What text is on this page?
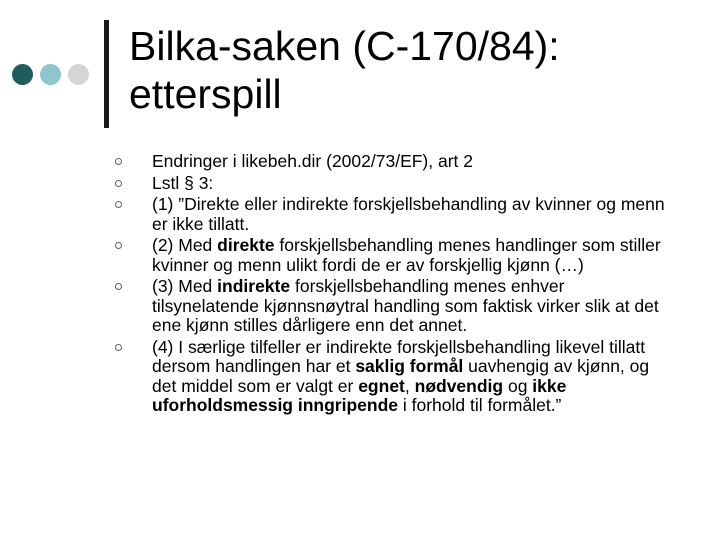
Bilka-saken (C-170/84): etterspill
Endringer i likebeh.dir (2002/73/EF), art 2
Lstl § 3:
(1) ”Direkte eller indirekte forskjellsbehandling av kvinner og menn er ikke tillatt.
(2) Med direkte forskjellsbehandling menes handlinger som stiller kvinner og menn ulikt fordi de er av forskjellig kjønn (…)
(3) Med indirekte forskjellsbehandling menes enhver tilsynelatende kjønnsnøytral handling som faktisk virker slik at det ene kjønn stilles dårligere enn det annet.
(4) I særlige tilfeller er indirekte forskjellsbehandling likevel tillatt dersom handlingen har et saklig formål uavhengig av kjønn, og det middel som er valgt er egnet, nødvendig og ikke uforholdsmessig inngripende i forhold til formålet.”
